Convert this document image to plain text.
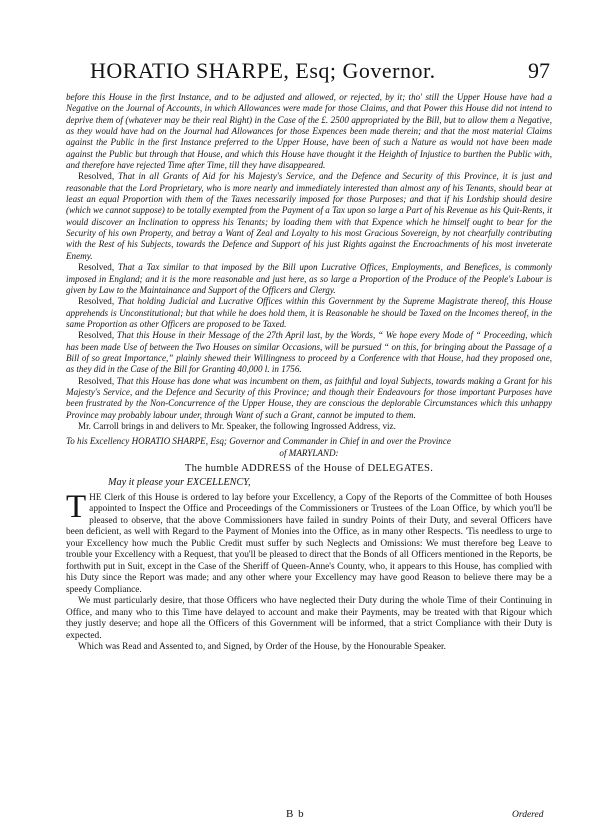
HORATIO SHARPE, Esq; Governor.	97

before this House in the first Instance, and to be adjusted and allowed, or rejected, by it; tho' still the Upper House have had a Negative on the Journal of Accounts, in which Allowances were made for those Claims, and that Power this House did not intend to deprive them of (whatever may be their real Right) in the Case of the £. 2500 appropriated by the Bill, but to allow them a Negative, as they would have had on the Journal had Allowances for those Expences been made therein; and that the most material Claims against the Public in the first Instance preferred to the Upper House, have been of such a Nature as would not have been made against the Public but through that House, and which this House have thought it the Heighth of Injustice to burthen the Public with, and therefore have rejected Time after Time, till they have disappeared.

Resolved, That in all Grants of Aid for his Majesty's Service, and the Defence and Security of this Province, it is just and reasonable that the Lord Proprietary, who is more nearly and immediately interested than almost any of his Tenants, should bear at least an equal Proportion with them of the Taxes necessarily imposed for those Purposes; and that if his Lordship should desire (which we cannot suppose) to be totally exempted from the Payment of a Tax upon so large a Part of his Revenue as his Quit-Rents, it would discover an Inclination to oppress his Tenants; by loading them with that Expence which he himself ought to bear for the Security of his own Property, and betray a Want of Zeal and Loyalty to his most Gracious Sovereign, by not chearfully contributing with the Rest of his Subjects, towards the Defence and Support of his just Rights against the Encroachments of his most inveterate Enemy.

Resolved, That a Tax similar to that imposed by the Bill upon Lucrative Offices, Employments, and Benefices, is commonly imposed in England; and it is the more reasonable and just here, as so large a Proportion of the Produce of the People's Labour is given by Law to the Maintainance and Support of the Officers and Clergy.

Resolved, That holding Judicial and Lucrative Offices within this Government by the Supreme Magistrate thereof, this House apprehends is Unconstitutional; but that while he does hold them, it is Reasonable he should be Taxed on the Incomes thereof, in the same Proportion as other Officers are proposed to be Taxed.

Resolved, That this House in their Message of the 27th April last, by the Words, “ We hope every Mode of “ Proceeding, which has been made Use of between the Two Houses on similar Occasions, will be pursued “ on this, for bringing about the Passage of a Bill of so great Importance,” plainly shewed their Willingness to proceed by a Conference with that House, had they proposed one, as they did in the Case of the Bill for Granting 40,000 l. in 1756.

Resolved, That this House has done what was incumbent on them, as faithful and loyal Subjects, towards making a Grant for his Majesty's Service, and the Defence and Security of this Province; and though their Endeavours for those important Purposes have been frustrated by the Non-Concurrence of the Upper House, they are conscious the deplorable Circumstances which this unhappy Province may probably labour under, through Want of such a Grant, cannot be imputed to them.

Mr. Carroll brings in and delivers to Mr. Speaker, the following Ingrossed Address, viz.

To his Excellency HORATIO SHARPE, Esq; Governor and Commander in Chief in and over the Province
of MARYLAND:
The humble ADDRESS of the House of DELEGATES.
May it please your EXCELLENCY,

THE Clerk of this House is ordered to lay before your Excellency, a Copy of the Reports of the Committee of both Houses appointed to Inspect the Office and Proceedings of the Commissioners or Trustees of the Loan Office, by which you'll be pleased to observe, that the above Commissioners have failed in sundry Points of their Duty, and several Officers have been deficient, as well with Regard to the Payment of Monies into the Office, as in many other Respects. 'Tis needless to urge to your Excellency how much the Public Credit must suffer by such Neglects and Omissions: We must therefore beg Leave to trouble your Excellency with a Request, that you'll be pleased to direct that the Bonds of all Officers mentioned in the Reports, be forthwith put in Suit, except in the Case of the Sheriff of Queen-Anne's County, who, it appears to this House, has complied with his Duty since the Report was made; and any other where your Excellency may have good Reason to believe there may be a speedy Compliance.

We must particularly desire, that those Officers who have neglected their Duty during the whole Time of their Continuing in Office, and many who to this Time have delayed to account and make their Payments, may be treated with that Rigour which they justly deserve; and hope all the Officers of this Government will be informed, that a strict Compliance with their Duty is expected.

Which was Read and Assented to, and Signed, by Order of the House, by the Honourable Speaker.

B b	Ordered
